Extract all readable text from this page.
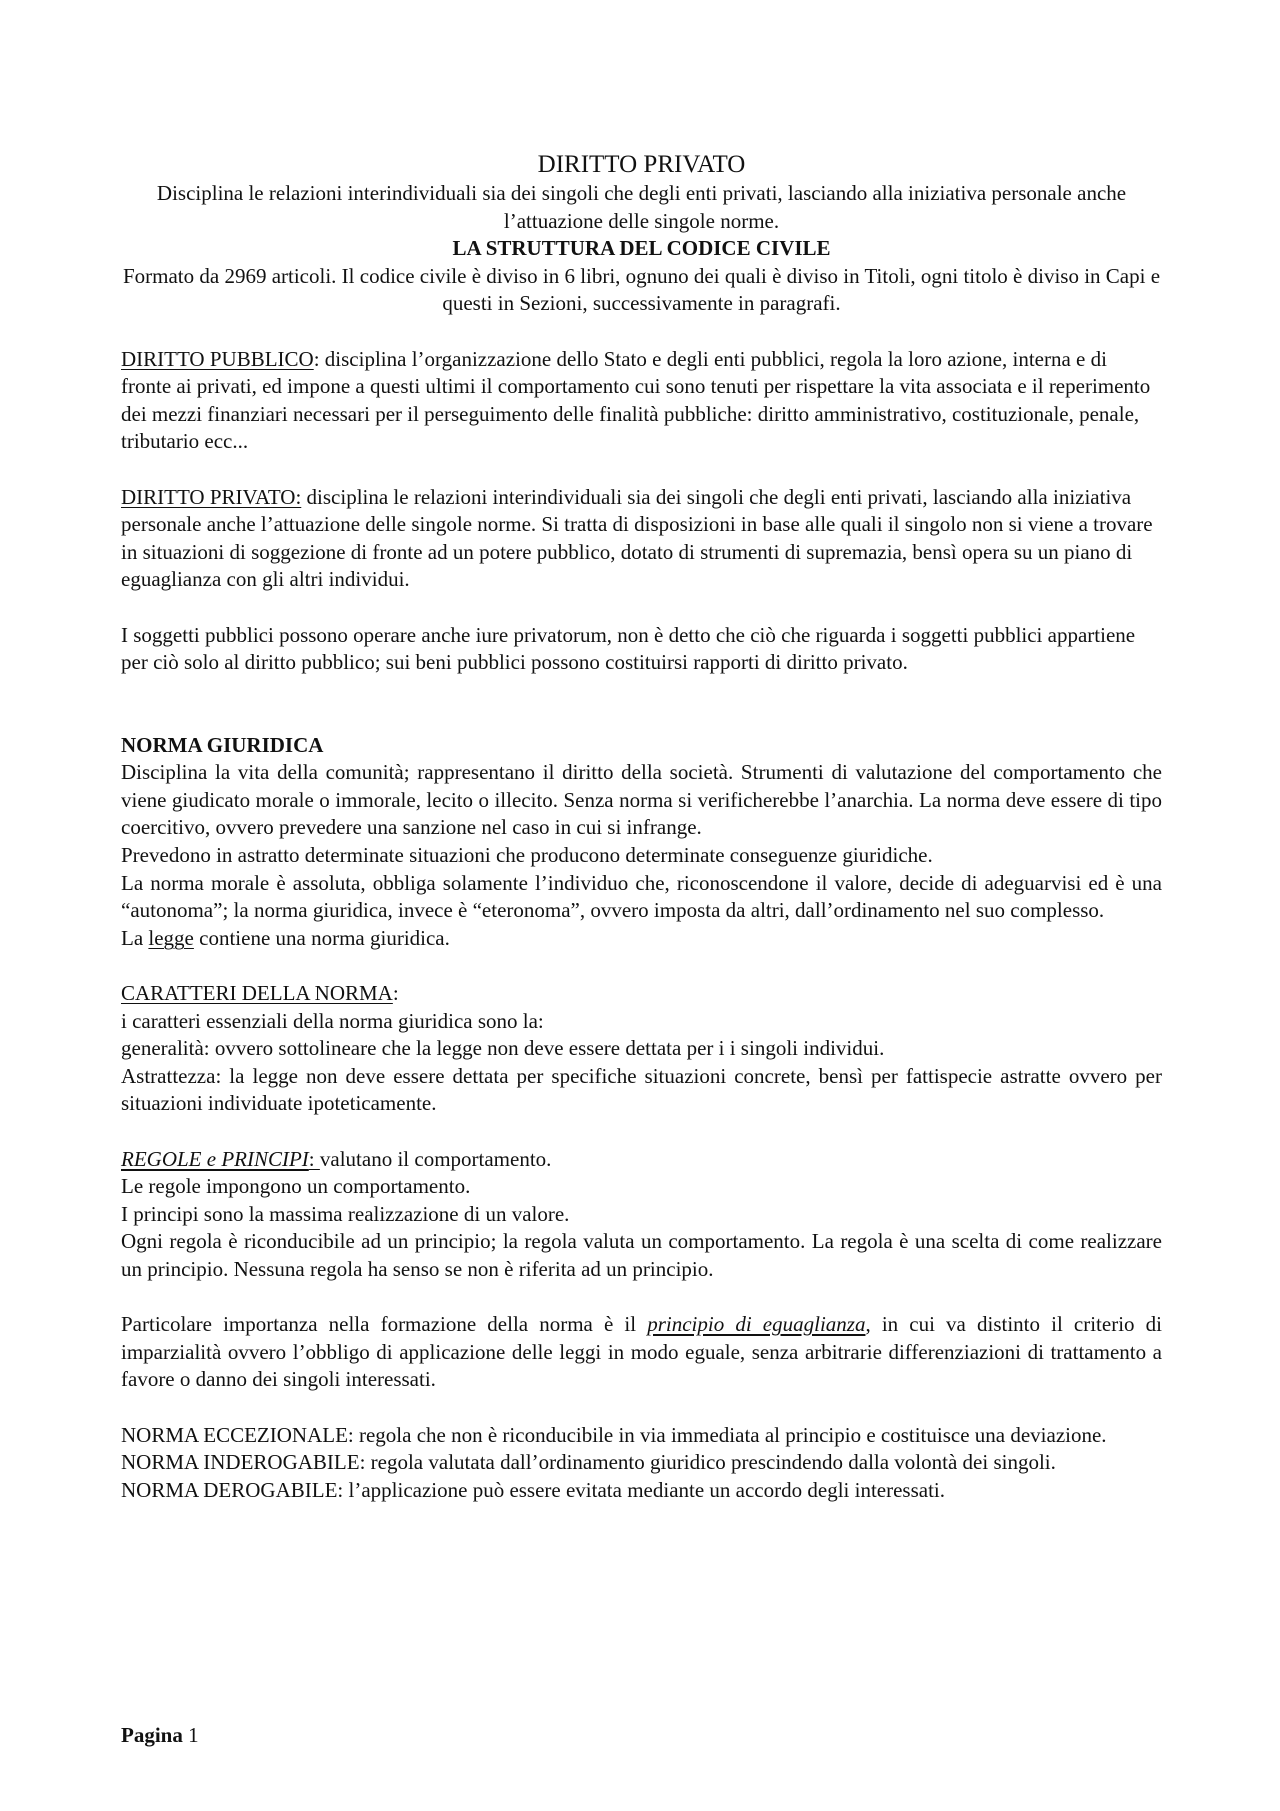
DIRITTO PRIVATO

Disciplina le relazioni interindividuali sia dei singoli che degli enti privati, lasciando alla iniziativa personale anche l’attuazione delle singole norme.

LA STRUTTURA DEL CODICE CIVILE

Formato da 2969 articoli. Il codice civile è diviso in 6 libri, ognuno dei quali è diviso in Titoli, ogni titolo è diviso in Capi e questi in Sezioni, successivamente in paragrafi.

DIRITTO PUBBLICO: disciplina l’organizzazione dello Stato e degli enti pubblici, regola la loro azione, interna e di fronte ai privati, ed impone a questi ultimi il comportamento cui sono tenuti per rispettare la vita associata e il reperimento dei mezzi finanziari necessari per il perseguimento delle finalità pubbliche: diritto amministrativo, costituzionale, penale, tributario ecc...

DIRITTO PRIVATO: disciplina le relazioni interindividuali sia dei singoli che degli enti privati, lasciando alla iniziativa personale anche l’attuazione delle singole norme. Si tratta di disposizioni in base alle quali il singolo non si viene a trovare in situazioni di soggezione di fronte ad un potere pubblico, dotato di strumenti di supremazia, bensì opera su un piano di eguaglianza con gli altri individui.

I soggetti pubblici possono operare anche iure privatorum, non è detto che ciò che riguarda i soggetti pubblici appartiene per ciò solo al diritto pubblico; sui beni pubblici possono costituirsi rapporti di diritto privato.

NORMA GIURIDICA

Disciplina la vita della comunità; rappresentano il diritto della società. Strumenti di valutazione del comportamento che viene giudicato morale o immorale, lecito o illecito. Senza norma si verificherebbe l’anarchia. La norma deve essere di tipo coercitivo, ovvero prevedere una sanzione nel caso in cui si infrange.

Prevedono in astratto determinate situazioni che producono determinate conseguenze giuridiche.

La norma morale è assoluta, obbliga solamente l’individuo che, riconoscendone il valore, decide di adeguarvisi ed è una “autonoma”; la norma giuridica, invece è “eteronoma”, ovvero imposta da altri, dall’ordinamento nel suo complesso.

La legge contiene una norma giuridica.

CARATTERI DELLA NORMA:

i caratteri essenziali della norma giuridica sono la:

generalità: ovvero sottolineare che la legge non deve essere dettata per i i singoli individui.

Astrattezza: la legge non deve essere dettata per specifiche situazioni concrete, bensì per fattispecie astratte ovvero per situazioni individuate ipoteticamente.

REGOLE e PRINCIPI: valutano il comportamento.

Le regole impongono un comportamento.

I principi sono la massima realizzazione di un valore.

Ogni regola è riconducibile ad un principio; la regola valuta un comportamento. La regola è una scelta di come realizzare un principio. Nessuna regola ha senso se non è riferita ad un principio.

Particolare importanza nella formazione della norma è il principio di eguaglianza, in cui va distinto il criterio di imparzialità ovvero l’obbligo di applicazione delle leggi in modo eguale, senza arbitrarie differenziazioni di trattamento a favore o danno dei singoli interessati.

NORMA ECCEZIONALE: regola che non è riconducibile in via immediata al principio e costituisce una deviazione.

NORMA INDEROGABILE: regola valutata dall’ordinamento giuridico prescindendo dalla volontà dei singoli.

NORMA DEROGABILE: l’applicazione può essere evitata mediante un accordo degli interessati.

Pagina 1
